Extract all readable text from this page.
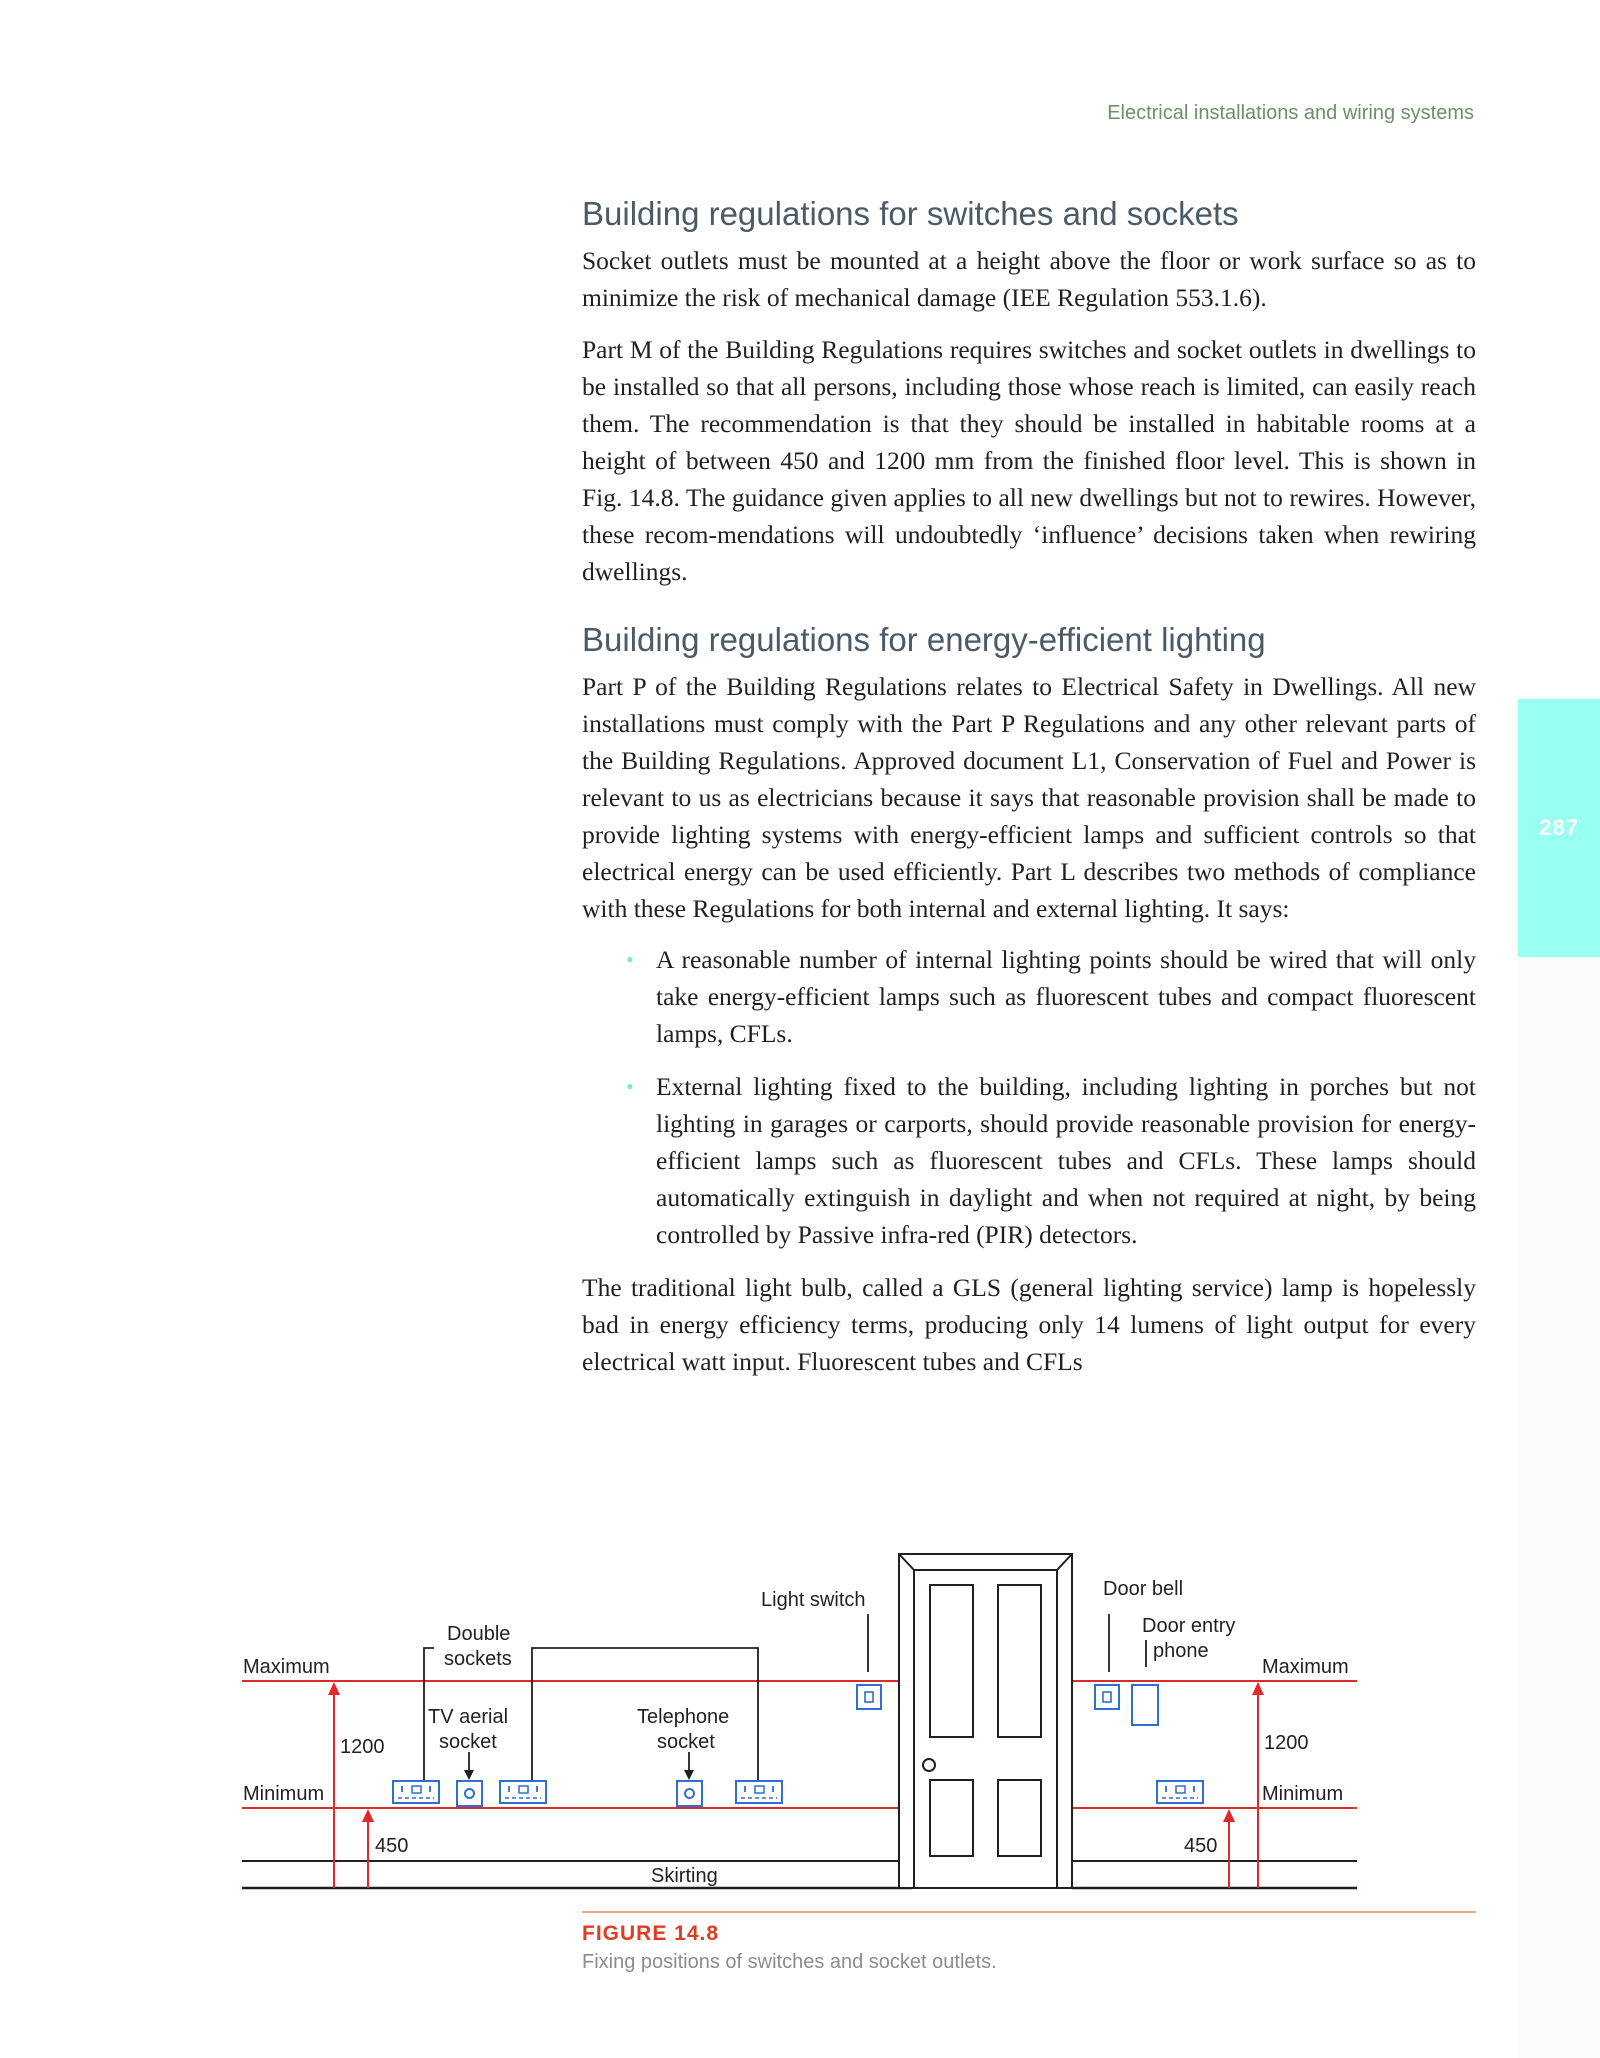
Electrical installations and wiring systems
287
Building regulations for switches and sockets

Socket outlets must be mounted at a height above the floor or work surface so as to minimize the risk of mechanical damage (IEE Regulation 553.1.6).

Part M of the Building Regulations requires switches and socket outlets in dwellings to be installed so that all persons, including those whose reach is limited, can easily reach them. The recommendation is that they should be installed in habitable rooms at a height of between 450 and 1200 mm from the finished floor level. This is shown in Fig. 14.8. The guidance given applies to all new dwellings but not to rewires. However, these recom-mendations will undoubtedly ‘influence’ decisions taken when rewiring dwellings.

Building regulations for energy-efficient lighting

Part P of the Building Regulations relates to Electrical Safety in Dwellings. All new installations must comply with the Part P Regulations and any other relevant parts of the Building Regulations. Approved document L1, Conservation of Fuel and Power is relevant to us as electricians because it says that reasonable provision shall be made to provide lighting systems with energy-efficient lamps and sufficient controls so that electrical energy can be used efficiently. Part L describes two methods of compliance with these Regulations for both internal and external lighting. It says:

• A reasonable number of internal lighting points should be wired that will only take energy-efficient lamps such as fluorescent tubes and compact fluorescent lamps, CFLs.
• External lighting fixed to the building, including lighting in porches but not lighting in garages or carports, should provide reasonable provision for energy-efficient lamps such as fluorescent tubes and CFLs. These lamps should automatically extinguish in daylight and when not required at night, by being controlled by Passive infra-red (PIR) detectors.

The traditional light bulb, called a GLS (general lighting service) lamp is hopelessly bad in energy efficiency terms, producing only 14 lumens of light output for every electrical watt input. Fluorescent tubes and CFLs

Maximum
Minimum
Maximum
Minimum
1200
450
1200
450
Double
sockets
TV aerial
socket
Telephone
socket
Light switch	Door bell
Door entry
phone
Skirting
FIGURE 14.8
Fixing positions of switches and socket outlets.
